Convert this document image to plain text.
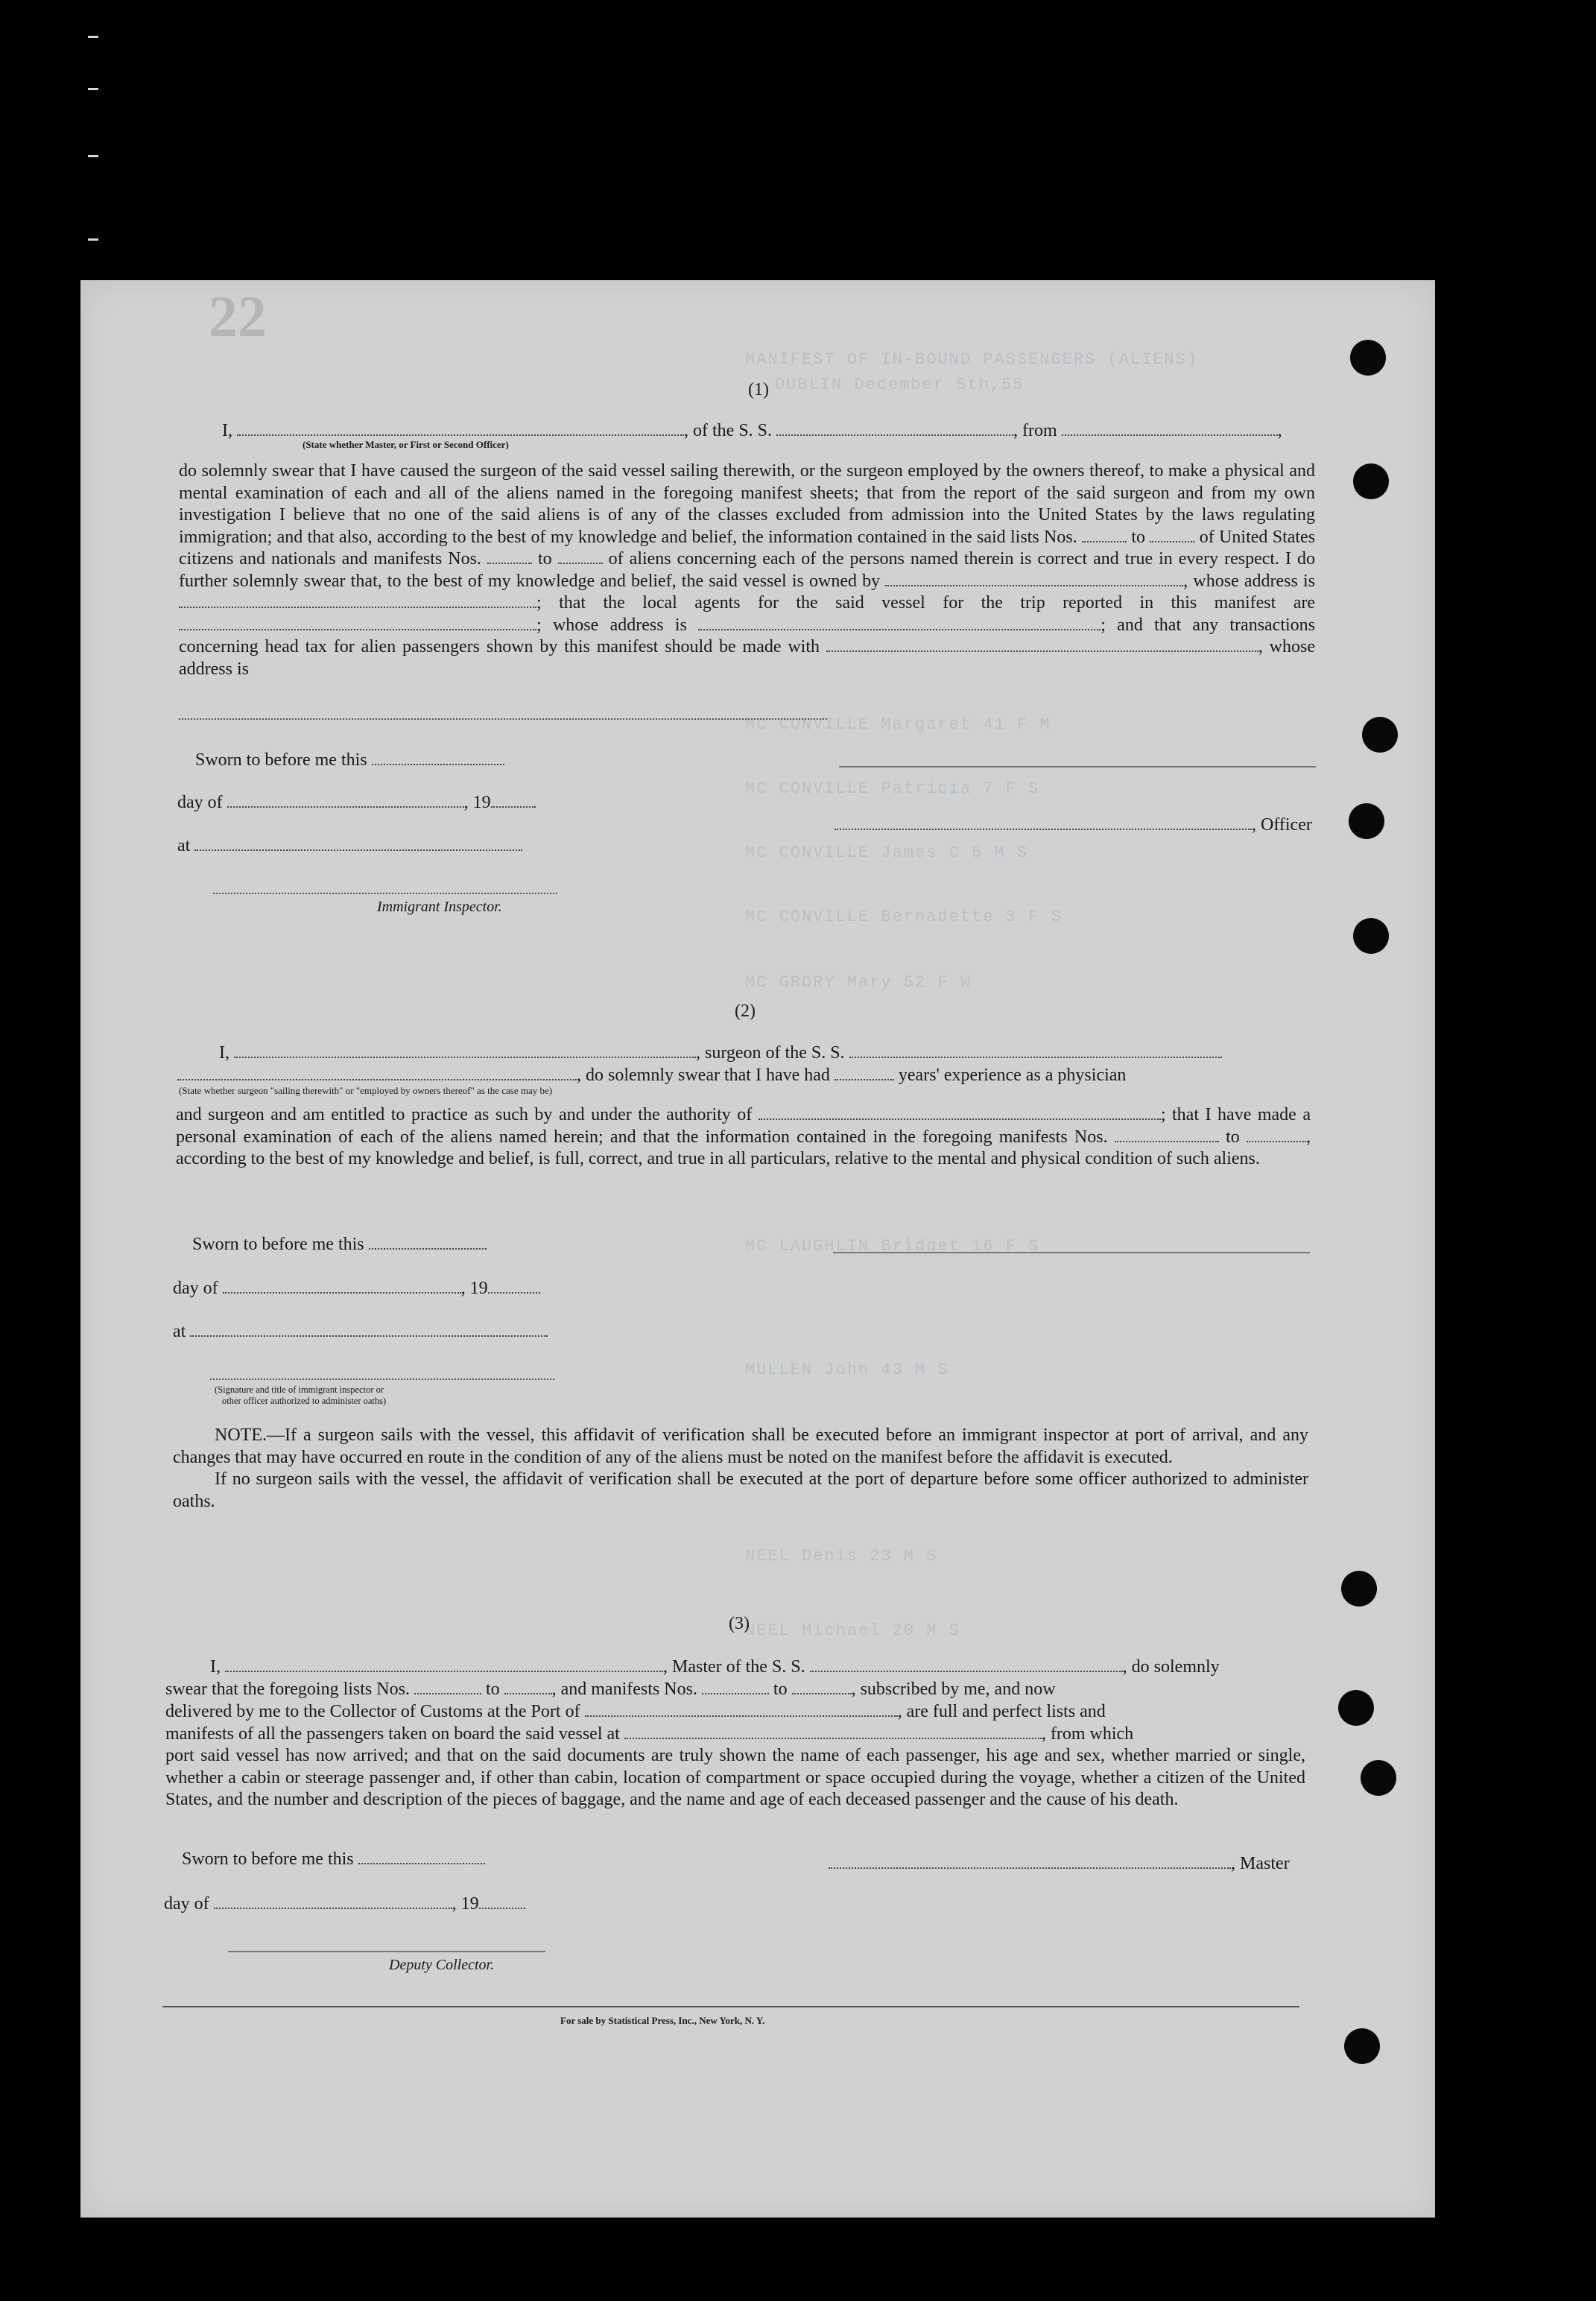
MANIFEST OF IN-BOUND PASSENGERS (ALIENS)
DUBLIN December 5th,55
MC CONVILLE Margaret 41 F M
MC CONVILLE Patricia 7 F S
MC CONVILLE James C 5 M S
MC CONVILLE Bernadette 3 F S
MC GRORY Mary 52 F W
MC LAUGHLIN Bridget 16 F S
MULLEN John 43 M S
NEEL Denis 23 M S
NEEL Michael 20 M S
22
(1)
I,	, of the S. S.	, from	,
(State whether Master, or First or Second Officer)

do solemnly swear that I have caused the surgeon of the said vessel sailing therewith, or the surgeon employed by the owners thereof, to make a physical and mental examination of each and all of the aliens named in the foregoing manifest sheets; that from the report of the said surgeon and from my own investigation I believe that no one of the said aliens is of any of the classes excluded from admission into the United States by the laws regulating immigration; and that also, according to the best of my knowledge and belief, the information contained in the said lists Nos.	to	of United States citizens and nationals and manifests Nos.	to	of aliens concerning each of the persons named therein is correct and true in every respect. I do further solemnly swear that, to the best of my knowledge and belief, the said vessel is owned by	, whose address is ; that the local agents for the said vessel for the trip reported in this manifest are ; whose address is	; and that any transactions concerning head tax for alien passengers shown by this manifest should be made with	, whose address is

Sworn to before me this
day of	, 19
, Officer
at
Immigrant Inspector.
(2)
I,	, surgeon of the S. S.
, do solemnly swear that I have had	years' experience as a physician
(State whether surgeon "sailing therewith" or "employed by owners thereof" as the case may be)

and surgeon and am entitled to practice as such by and under the authority of	; that I have made a personal examination of each of the aliens named herein; and that the information contained in the foregoing manifests Nos.	to	, according to the best of my knowledge and belief, is full, correct, and true in all particulars, relative to the mental and physical condition of such aliens.

Sworn to before me this
day of	, 19
at
(Signature and title of immigrant inspector or
other officer authorized to administer oaths)

NOTE.—If a surgeon sails with the vessel, this affidavit of verification shall be executed before an immigrant inspector at port of arrival, and any changes that may have occurred en route in the condition of any of the aliens must be noted on the manifest before the affidavit is executed.

If no surgeon sails with the vessel, the affidavit of verification shall be executed at the port of departure before some officer authorized to administer oaths.

(3)
I,	, Master of the S. S.	, do solemnly
swear that the foregoing lists Nos.	to	, and manifests Nos.	to	, subscribed by me, and now
delivered by me to the Collector of Customs at the Port of	, are full and perfect lists and
manifests of all the passengers taken on board the said vessel at	, from which
port said vessel has now arrived; and that on the said documents are truly shown the name of each passenger, his age and sex, whether married or single, whether a cabin or steerage passenger and, if other than cabin, location of compartment or space occupied during the voyage, whether a citizen of the United States, and the number and description of the pieces of baggage, and the name and age of each deceased passenger and the cause of his death.
Sworn to before me this	, Master
day of	, 19
Deputy Collector.
For sale by Statistical Press, Inc., New York, N. Y.
